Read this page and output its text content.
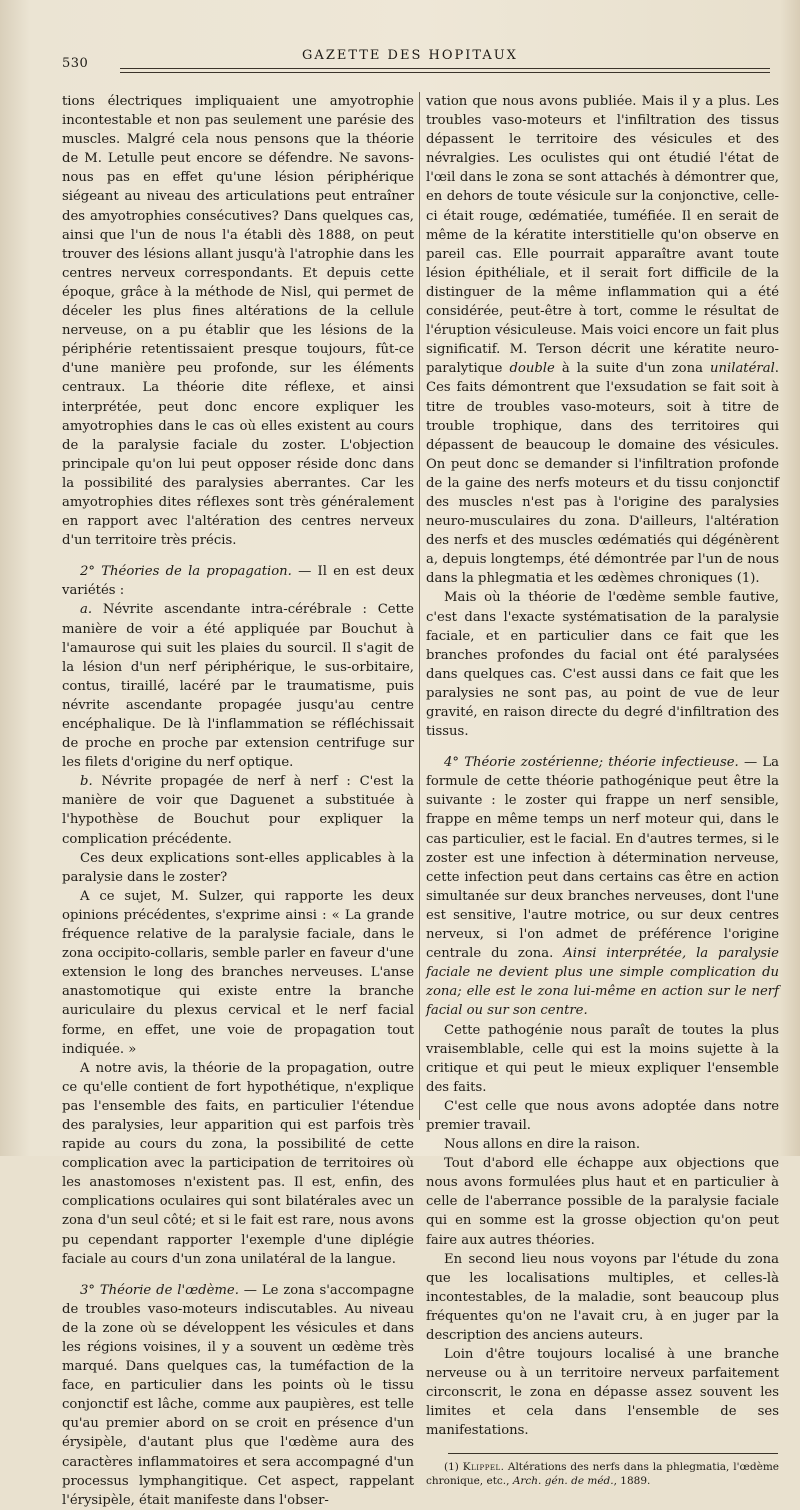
530
GAZETTE DES HOPITAUX

tions électriques impliquaient une amyotrophie incontestable et non pas seulement une parésie des muscles. Malgré cela nous pensons que la théorie de M. Letulle peut encore se défendre. Ne savons-nous pas en effet qu'une lésion périphérique siégeant au niveau des articulations peut entraîner des amyotrophies consécutives? Dans quelques cas, ainsi que l'un de nous l'a établi dès 1888, on peut trouver des lésions allant jusqu'à l'atrophie dans les centres nerveux correspondants. Et depuis cette époque, grâce à la méthode de Nisl, qui permet de déceler les plus fines altérations de la cellule nerveuse, on a pu établir que les lésions de la périphérie retentissaient presque toujours, fût-ce d'une manière peu profonde, sur les éléments centraux. La théorie dite réflexe, et ainsi interprétée, peut donc encore expliquer les amyotrophies dans le cas où elles existent au cours de la paralysie faciale du zoster. L'objection principale qu'on lui peut opposer réside donc dans la possibilité des paralysies aberrantes. Car les amyotrophies dites réflexes sont très généralement en rapport avec l'altération des centres nerveux d'un territoire très précis.

2° Théories de la propagation. — Il en est deux variétés :

a. Névrite ascendante intra-cérébrale : Cette manière de voir a été appliquée par Bouchut à l'amaurose qui suit les plaies du sourcil. Il s'agit de la lésion d'un nerf périphérique, le sus-orbitaire, contus, tiraillé, lacéré par le traumatisme, puis névrite ascendante propagée jusqu'au centre encéphalique. De là l'inflammation se réfléchissait de proche en proche par extension centrifuge sur les filets d'origine du nerf optique.

b. Névrite propagée de nerf à nerf : C'est la manière de voir que Daguenet a substituée à l'hypothèse de Bouchut pour expliquer la complication précédente.

Ces deux explications sont-elles applicables à la paralysie dans le zoster?

A ce sujet, M. Sulzer, qui rapporte les deux opinions précédentes, s'exprime ainsi : « La grande fréquence relative de la paralysie faciale, dans le zona occipito-collaris, semble parler en faveur d'une extension le long des branches nerveuses. L'anse anastomotique qui existe entre la branche auriculaire du plexus cervical et le nerf facial forme, en effet, une voie de propagation tout indiquée. »

A notre avis, la théorie de la propagation, outre ce qu'elle contient de fort hypothétique, n'explique pas l'ensemble des faits, en particulier l'étendue des paralysies, leur apparition qui est parfois très rapide au cours du zona, la possibilité de cette complication avec la participation de territoires où les anastomoses n'existent pas. Il est, enfin, des complications oculaires qui sont bilatérales avec un zona d'un seul côté; et si le fait est rare, nous avons pu cependant rapporter l'exemple d'une diplégie faciale au cours d'un zona unilatéral de la langue.

3° Théorie de l'œdème. — Le zona s'accompagne de troubles vaso-moteurs indiscutables. Au niveau de la zone où se développent les vésicules et dans les régions voisines, il y a souvent un œdème très marqué. Dans quelques cas, la tuméfaction de la face, en particulier dans les points où le tissu conjonctif est lâche, comme aux paupières, est telle qu'au premier abord on se croit en présence d'un érysipèle, d'autant plus que l'œdème aura des caractères inflammatoires et sera accompagné d'un processus lymphangitique. Cet aspect, rappelant l'érysipèle, était manifeste dans l'obser-

vation que nous avons publiée. Mais il y a plus. Les troubles vaso-moteurs et l'infiltration des tissus dépassent le territoire des vésicules et des névralgies. Les oculistes qui ont étudié l'état de l'œil dans le zona se sont attachés à démontrer que, en dehors de toute vésicule sur la conjonctive, celle-ci était rouge, œdématiée, tuméfiée. Il en serait de même de la kératite interstitielle qu'on observe en pareil cas. Elle pourrait apparaître avant toute lésion épithéliale, et il serait fort difficile de la distinguer de la même inflammation qui a été considérée, peut-être à tort, comme le résultat de l'éruption vésiculeuse. Mais voici encore un fait plus significatif. M. Terson décrit une kératite neuro-paralytique double à la suite d'un zona unilatéral. Ces faits démontrent que l'exsudation se fait soit à titre de troubles vaso-moteurs, soit à titre de trouble trophique, dans des territoires qui dépassent de beaucoup le domaine des vésicules. On peut donc se demander si l'infiltration profonde de la gaine des nerfs moteurs et du tissu conjonctif des muscles n'est pas à l'origine des paralysies neuro-musculaires du zona. D'ailleurs, l'altération des nerfs et des muscles œdématiés qui dégénèrent a, depuis longtemps, été démontrée par l'un de nous dans la phlegmatia et les œdèmes chroniques (1).

Mais où la théorie de l'œdème semble fautive, c'est dans l'exacte systématisation de la paralysie faciale, et en particulier dans ce fait que les branches profondes du facial ont été paralysées dans quelques cas. C'est aussi dans ce fait que les paralysies ne sont pas, au point de vue de leur gravité, en raison directe du degré d'infiltration des tissus.

4° Théorie zostérienne; théorie infectieuse. — La formule de cette théorie pathogénique peut être la suivante : le zoster qui frappe un nerf sensible, frappe en même temps un nerf moteur qui, dans le cas particulier, est le facial. En d'autres termes, si le zoster est une infection à détermination nerveuse, cette infection peut dans certains cas être en action simultanée sur deux branches nerveuses, dont l'une est sensitive, l'autre motrice, ou sur deux centres nerveux, si l'on admet de préférence l'origine centrale du zona. Ainsi interprétée, la paralysie faciale ne devient plus une simple complication du zona; elle est le zona lui-même en action sur le nerf facial ou sur son centre.

Cette pathogénie nous paraît de toutes la plus vraisemblable, celle qui est la moins sujette à la critique et qui peut le mieux expliquer l'ensemble des faits.

C'est celle que nous avons adoptée dans notre premier travail.

Nous allons en dire la raison.

Tout d'abord elle échappe aux objections que nous avons formulées plus haut et en particulier à celle de l'aberrance possible de la paralysie faciale qui en somme est la grosse objection qu'on peut faire aux autres théories.

En second lieu nous voyons par l'étude du zona que les localisations multiples, et celles-là incontestables, de la maladie, sont beaucoup plus fréquentes qu'on ne l'avait cru, à en juger par la description des anciens auteurs.

Loin d'être toujours localisé à une branche nerveuse ou à un territoire nerveux parfaitement circonscrit, le zona en dépasse assez souvent les limites et cela dans l'ensemble de ses manifestations.

(1) Klippel. Altérations des nerfs dans la phlegmatia, l'œdème chronique, etc., Arch. gén. de méd., 1889.
